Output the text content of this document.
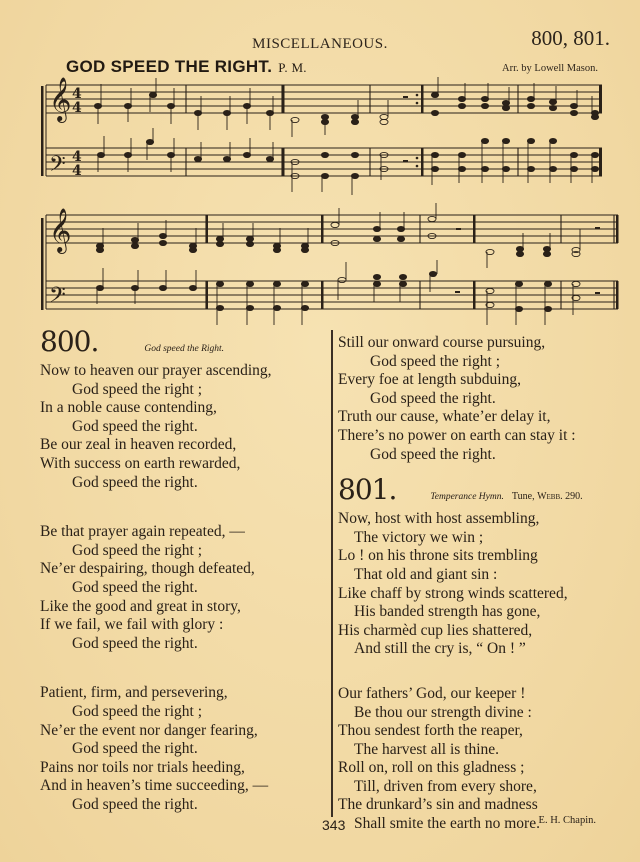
MISCELLANEOUS.	800, 801.
GOD SPEED THE RIGHT. P. M.	Arr. by Lowell Mason.
𝄞
𝄢
𝄞
𝄢
4
4
4
4
800.	God speed the Right.
Now to heaven our prayer ascending,
God speed the right ;
In a noble cause contending,
God speed the right.
Be our zeal in heaven recorded,
With success on earth rewarded,
God speed the right.
Be that prayer again repeated, —
God speed the right ;
Ne’er despairing, though defeated,
God speed the right.
Like the good and great in story,
If we fail, we fail with glory :
God speed the right.
Patient, firm, and persevering,
God speed the right ;
Ne’er the event nor danger fearing,
God speed the right.
Pains nor toils nor trials heeding,
And in heaven’s time succeeding, —
God speed the right.
Still our onward course pursuing,
God speed the right ;
Every foe at length subduing,
God speed the right.
Truth our cause, whate’er delay it,
There’s no power on earth can stay it :
God speed the right.
801.	Temperance Hymn. Tune, Webb. 290.
Now, host with host assembling,
The victory we win ;
Lo ! on his throne sits trembling
That old and giant sin :
Like chaff by strong winds scattered,
His banded strength has gone,
His charmèd cup lies shattered,
And still the cry is, “ On ! ”
Our fathers’ God, our keeper !
Be thou our strength divine :
Thou sendest forth the reaper,
The harvest all is thine.
Roll on, roll on this gladness ;
Till, driven from every shore,
The drunkard’s sin and madness
Shall smite the earth no more.
343	E. H. Chapin.
